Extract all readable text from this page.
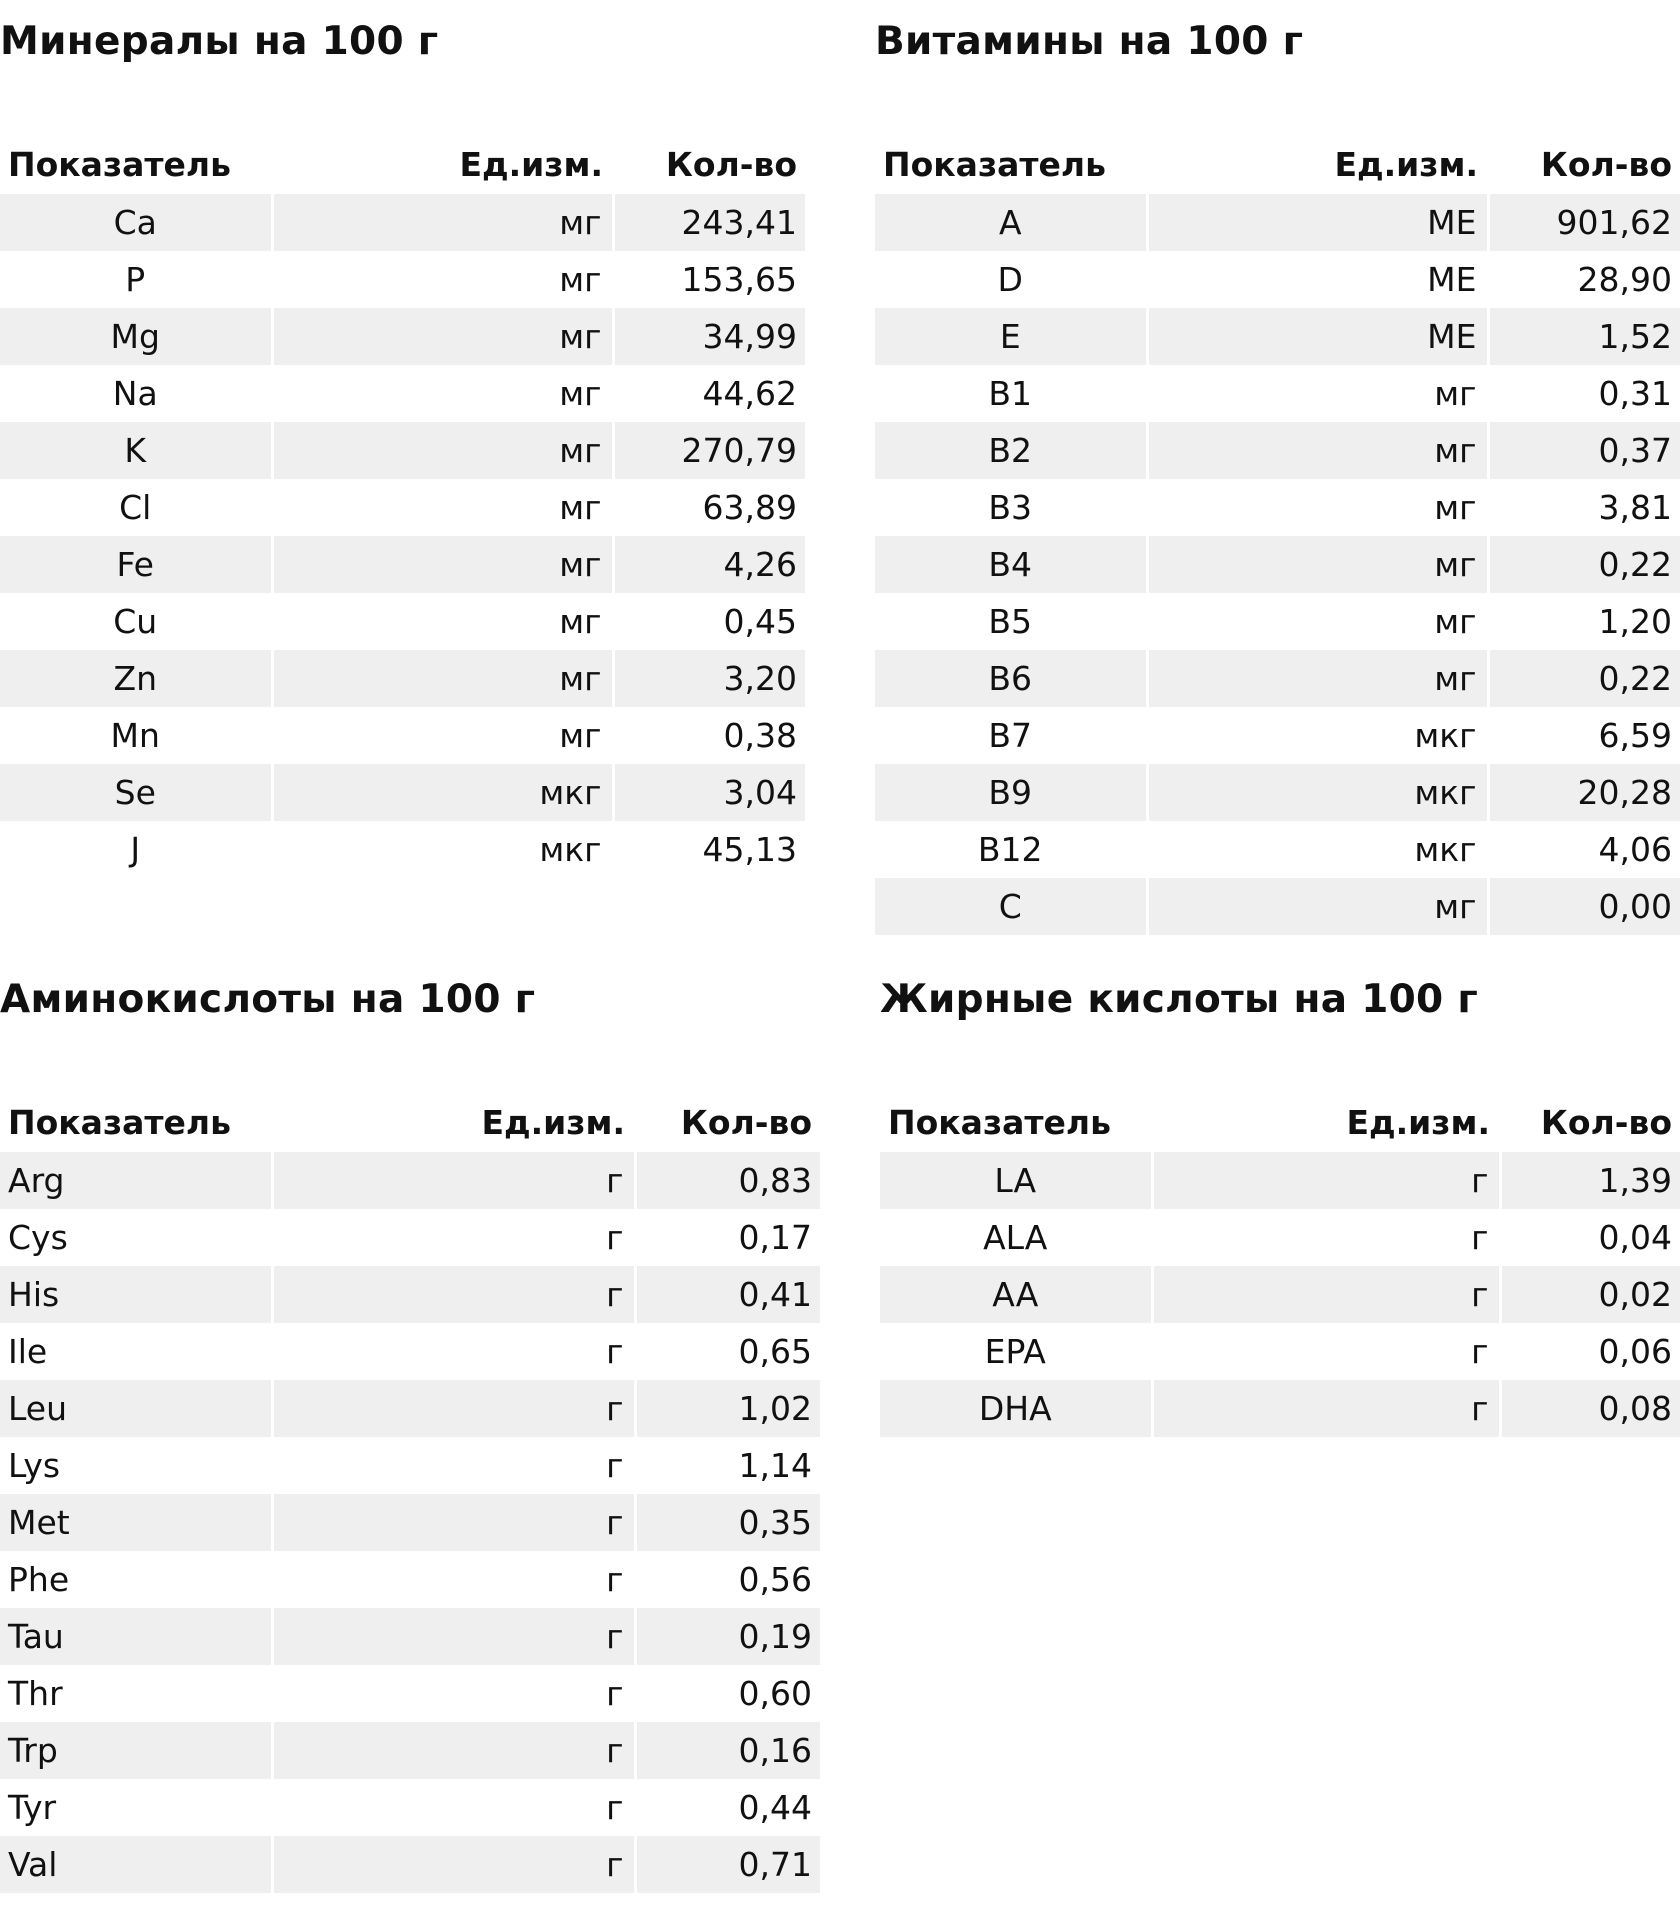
Минералы на 100 г
Показатель	Ед.изм.	Кол-во
Ca	мг	243,41
P	мг	153,65
Mg	мг	34,99
Na	мг	44,62
K	мг	270,79
Cl	мг	63,89
Fe	мг	4,26
Cu	мг	0,45
Zn	мг	3,20
Mn	мг	0,38
Se	мкг	3,04
J	мкг	45,13
Витамины на 100 г
Показатель	Ед.изм.	Кол-во
A	МЕ	901,62
D	МЕ	28,90
E	МЕ	1,52
B1	мг	0,31
B2	мг	0,37
B3	мг	3,81
B4	мг	0,22
B5	мг	1,20
B6	мг	0,22
B7	мкг	6,59
B9	мкг	20,28
B12	мкг	4,06
C	мг	0,00
Аминокислоты на 100 г
Показатель	Ед.изм.	Кол-во
Arg	г	0,83
Cys	г	0,17
His	г	0,41
Ile	г	0,65
Leu	г	1,02
Lys	г	1,14
Met	г	0,35
Phe	г	0,56
Tau	г	0,19
Thr	г	0,60
Trp	г	0,16
Tyr	г	0,44
Val	г	0,71
Жирные кислоты на 100 г
Показатель	Ед.изм.	Кол-во
LA	г	1,39
ALA	г	0,04
AA	г	0,02
EPA	г	0,06
DHA	г	0,08
